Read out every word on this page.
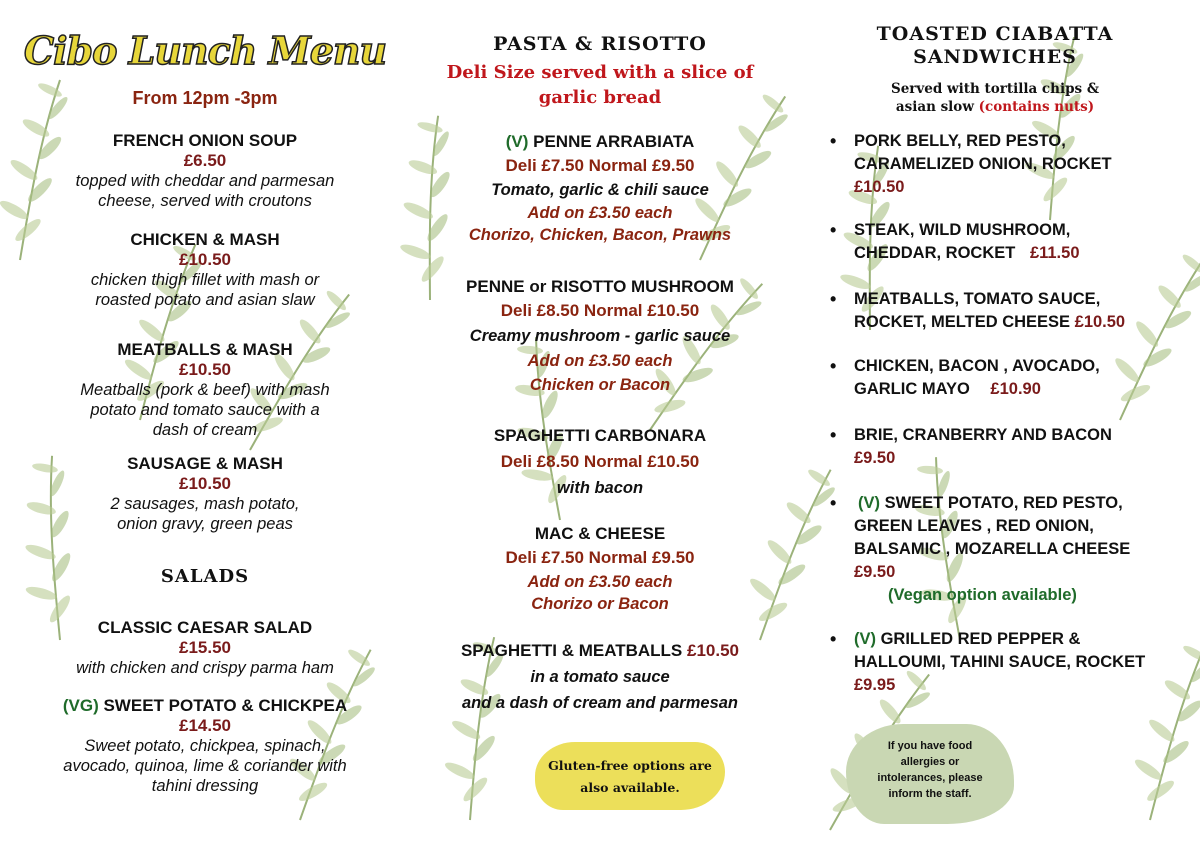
Cibo Lunch Menu
From 12pm -3pm
FRENCH ONION SOUP
£6.50
topped with cheddar and parmesan
cheese, served with croutons
CHICKEN & MASH
£10.50
chicken thigh fillet with mash or
roasted potato and asian slaw
MEATBALLS & MASH
£10.50
Meatballs (pork & beef) with mash
potato and tomato sauce with a
dash of cream
SAUSAGE & MASH
£10.50
2 sausages, mash potato,
onion gravy, green peas
SALADS
CLASSIC CAESAR SALAD
£15.50
with chicken and crispy parma ham
(VG) SWEET POTATO & CHICKPEA
£14.50
Sweet potato, chickpea, spinach,
avocado, quinoa, lime & coriander with
tahini dressing
PASTA & RISOTTO
Deli Size served with a slice of
garlic bread
(V) PENNE ARRABIATA
Deli £7.50 Normal £9.50
Tomato, garlic & chili sauce
Add on £3.50 each
Chorizo, Chicken, Bacon, Prawns
PENNE or RISOTTO MUSHROOM
Deli £8.50 Normal £10.50
Creamy mushroom - garlic sauce
Add on £3.50 each
Chicken or Bacon
SPAGHETTI CARBONARA
Deli £8.50 Normal £10.50
with bacon
MAC & CHEESE
Deli £7.50 Normal £9.50
Add on £3.50 each
Chorizo or Bacon
SPAGHETTI & MEATBALLS £10.50
in a tomato sauce
and a dash of cream and parmesan
Gluten-free options are
also available.
TOASTED CIABATTA
SANDWICHES
Served with tortilla chips &
asian slow (contains nuts)
• PORK BELLY, RED PESTO,
CARAMELIZED ONION, ROCKET
£10.50
• STEAK, WILD MUSHROOM,
CHEDDAR, ROCKET £11.50
• MEATBALLS, TOMATO SAUCE,
ROCKET, MELTED CHEESE £10.50
• CHICKEN, BACON , AVOCADO,
GARLIC MAYO £10.90
• BRIE, CRANBERRY AND BACON
£9.50
• (V) SWEET POTATO, RED PESTO,
GREEN LEAVES , RED ONION,
BALSAMIC , MOZARELLA CHEESE
£9.50
(Vegan option available)
• (V) GRILLED RED PEPPER &
HALLOUMI, TAHINI SAUCE, ROCKET
£9.95
If you have food
allergies or
intolerances, please
inform the staff.
